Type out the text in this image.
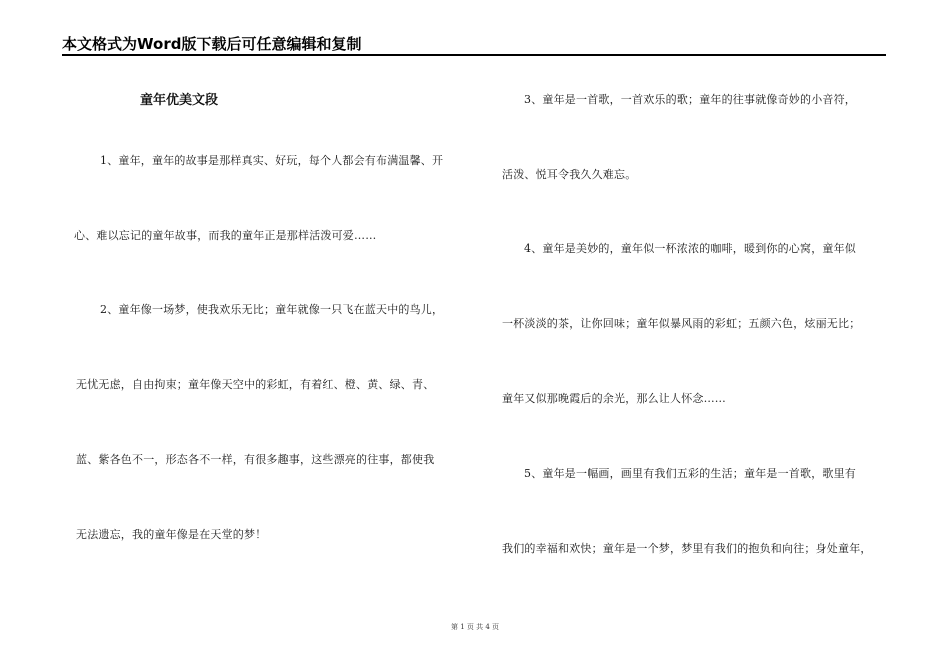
本文格式为Word版下载后可任意编辑和复制
童年优美文段
1、童年，童年的故事是那样真实、好玩，每个人都会有布满温馨、开
心、难以忘记的童年故事，而我的童年正是那样活泼可爱……
2、童年像一场梦，使我欢乐无比；童年就像一只飞在蓝天中的鸟儿，
无忧无虑，自由拘束；童年像天空中的彩虹，有着红、橙、黄、绿、青、
蓝、紫各色不一，形态各不一样，有很多趣事，这些漂亮的往事，都使我
无法遗忘，我的童年像是在天堂的梦！
3、童年是一首歌，一首欢乐的歌；童年的往事就像奇妙的小音符，
活泼、悦耳令我久久难忘。
4、童年是美妙的，童年似一杯浓浓的咖啡，暖到你的心窝，童年似
一杯淡淡的茶，让你回味；童年似暴风雨的彩虹；五颜六色，炫丽无比；
童年又似那晚霞后的余光，那么让人怀念……
5、童年是一幅画，画里有我们五彩的生活；童年是一首歌，歌里有
我们的幸福和欢快；童年是一个梦，梦里有我们的抱负和向往；身处童年，
第 1 页 共 4 页
